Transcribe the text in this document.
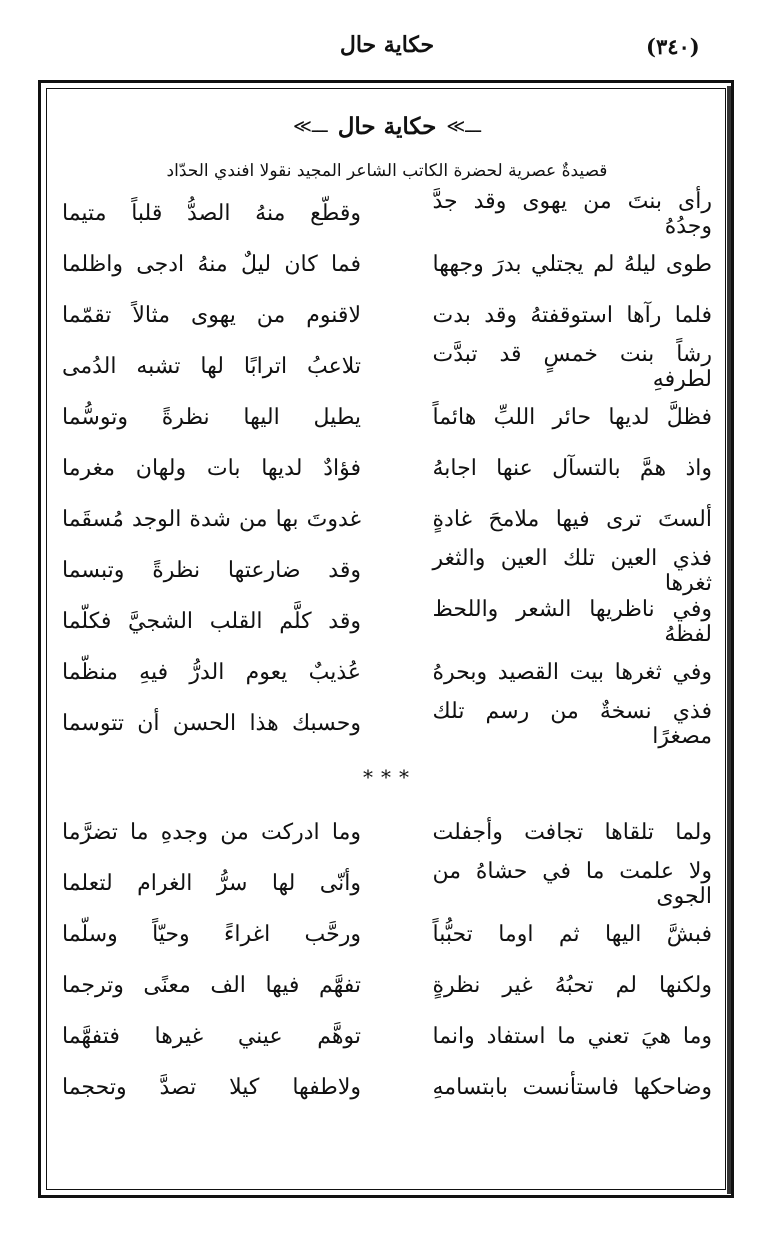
حكاية حال	(٣٤٠)
ـــ≫
حكاية حال
ـــ≫
قصيدةٌ عصرية لحضرة الكاتب الشاعر المجيد نقولا افندي الحدّاد
رأى بنتَ من يهوى وقد جدَّ وجدُهُ
وقطّع منهُ الصدُّ قلباً متيما
طوى ليلهُ لم يجتلي بدرَ وجهها
فما كان ليلٌ منهُ ادجى واظلما
فلما رآها استوقفتهُ وقد بدت
لاقنوم من يهوى مثالاً تقمّما
رشاً بنت خمسٍ قد تبدَّت لطرفهِ
تلاعبُ اترابًا لها تشبه الدُمى
فظلَّ لديها حائر اللبِّ هائماً
يطيل اليها نظرةً وتوسُّما
واذ همَّ بالتسآل عنها اجابهُ
فؤادٌ لديها بات ولهان مغرما
ألستَ ترى فيها ملامحَ غادةٍ
غدوتَ بها من شدة الوجد مُسقَما
فذي العين تلك العين والثغر ثغرها
وقد ضارعتها نظرةً وتبسما
وفي ناظريها الشعر واللحظ لفظهُ
وقد كلَّم القلب الشجيَّ فكلّما
وفي ثغرها بيت القصيد وبحرهُ
عُذيبٌ يعوم الدرُّ فيهِ منظّما
فذي نسخةٌ من رسم تلك مصغرًا
وحسبك هذا الحسن أن تتوسما
* * *
ولما تلقاها تجافت وأجفلت
وما ادركت من وجدهِ ما تضرَّما
ولا علمت ما في حشاهُ من الجوى
وأنّى لها سرُّ الغرام لتعلما
فبشَّ اليها ثم اوما تحبُّباً
ورحَّب اغراءً وحيّاً وسلّما
ولكنها لم تحبُهُ غير نظرةٍ
تفهَّم فيها الف معنًى وترجما
وما هيَ تعني ما استفاد وانما
توهَّم عيني غيرها فتفهَّما
وضاحكها فاستأنست بابتسامهِ
ولاطفها كيلا تصدَّ وتحجما
